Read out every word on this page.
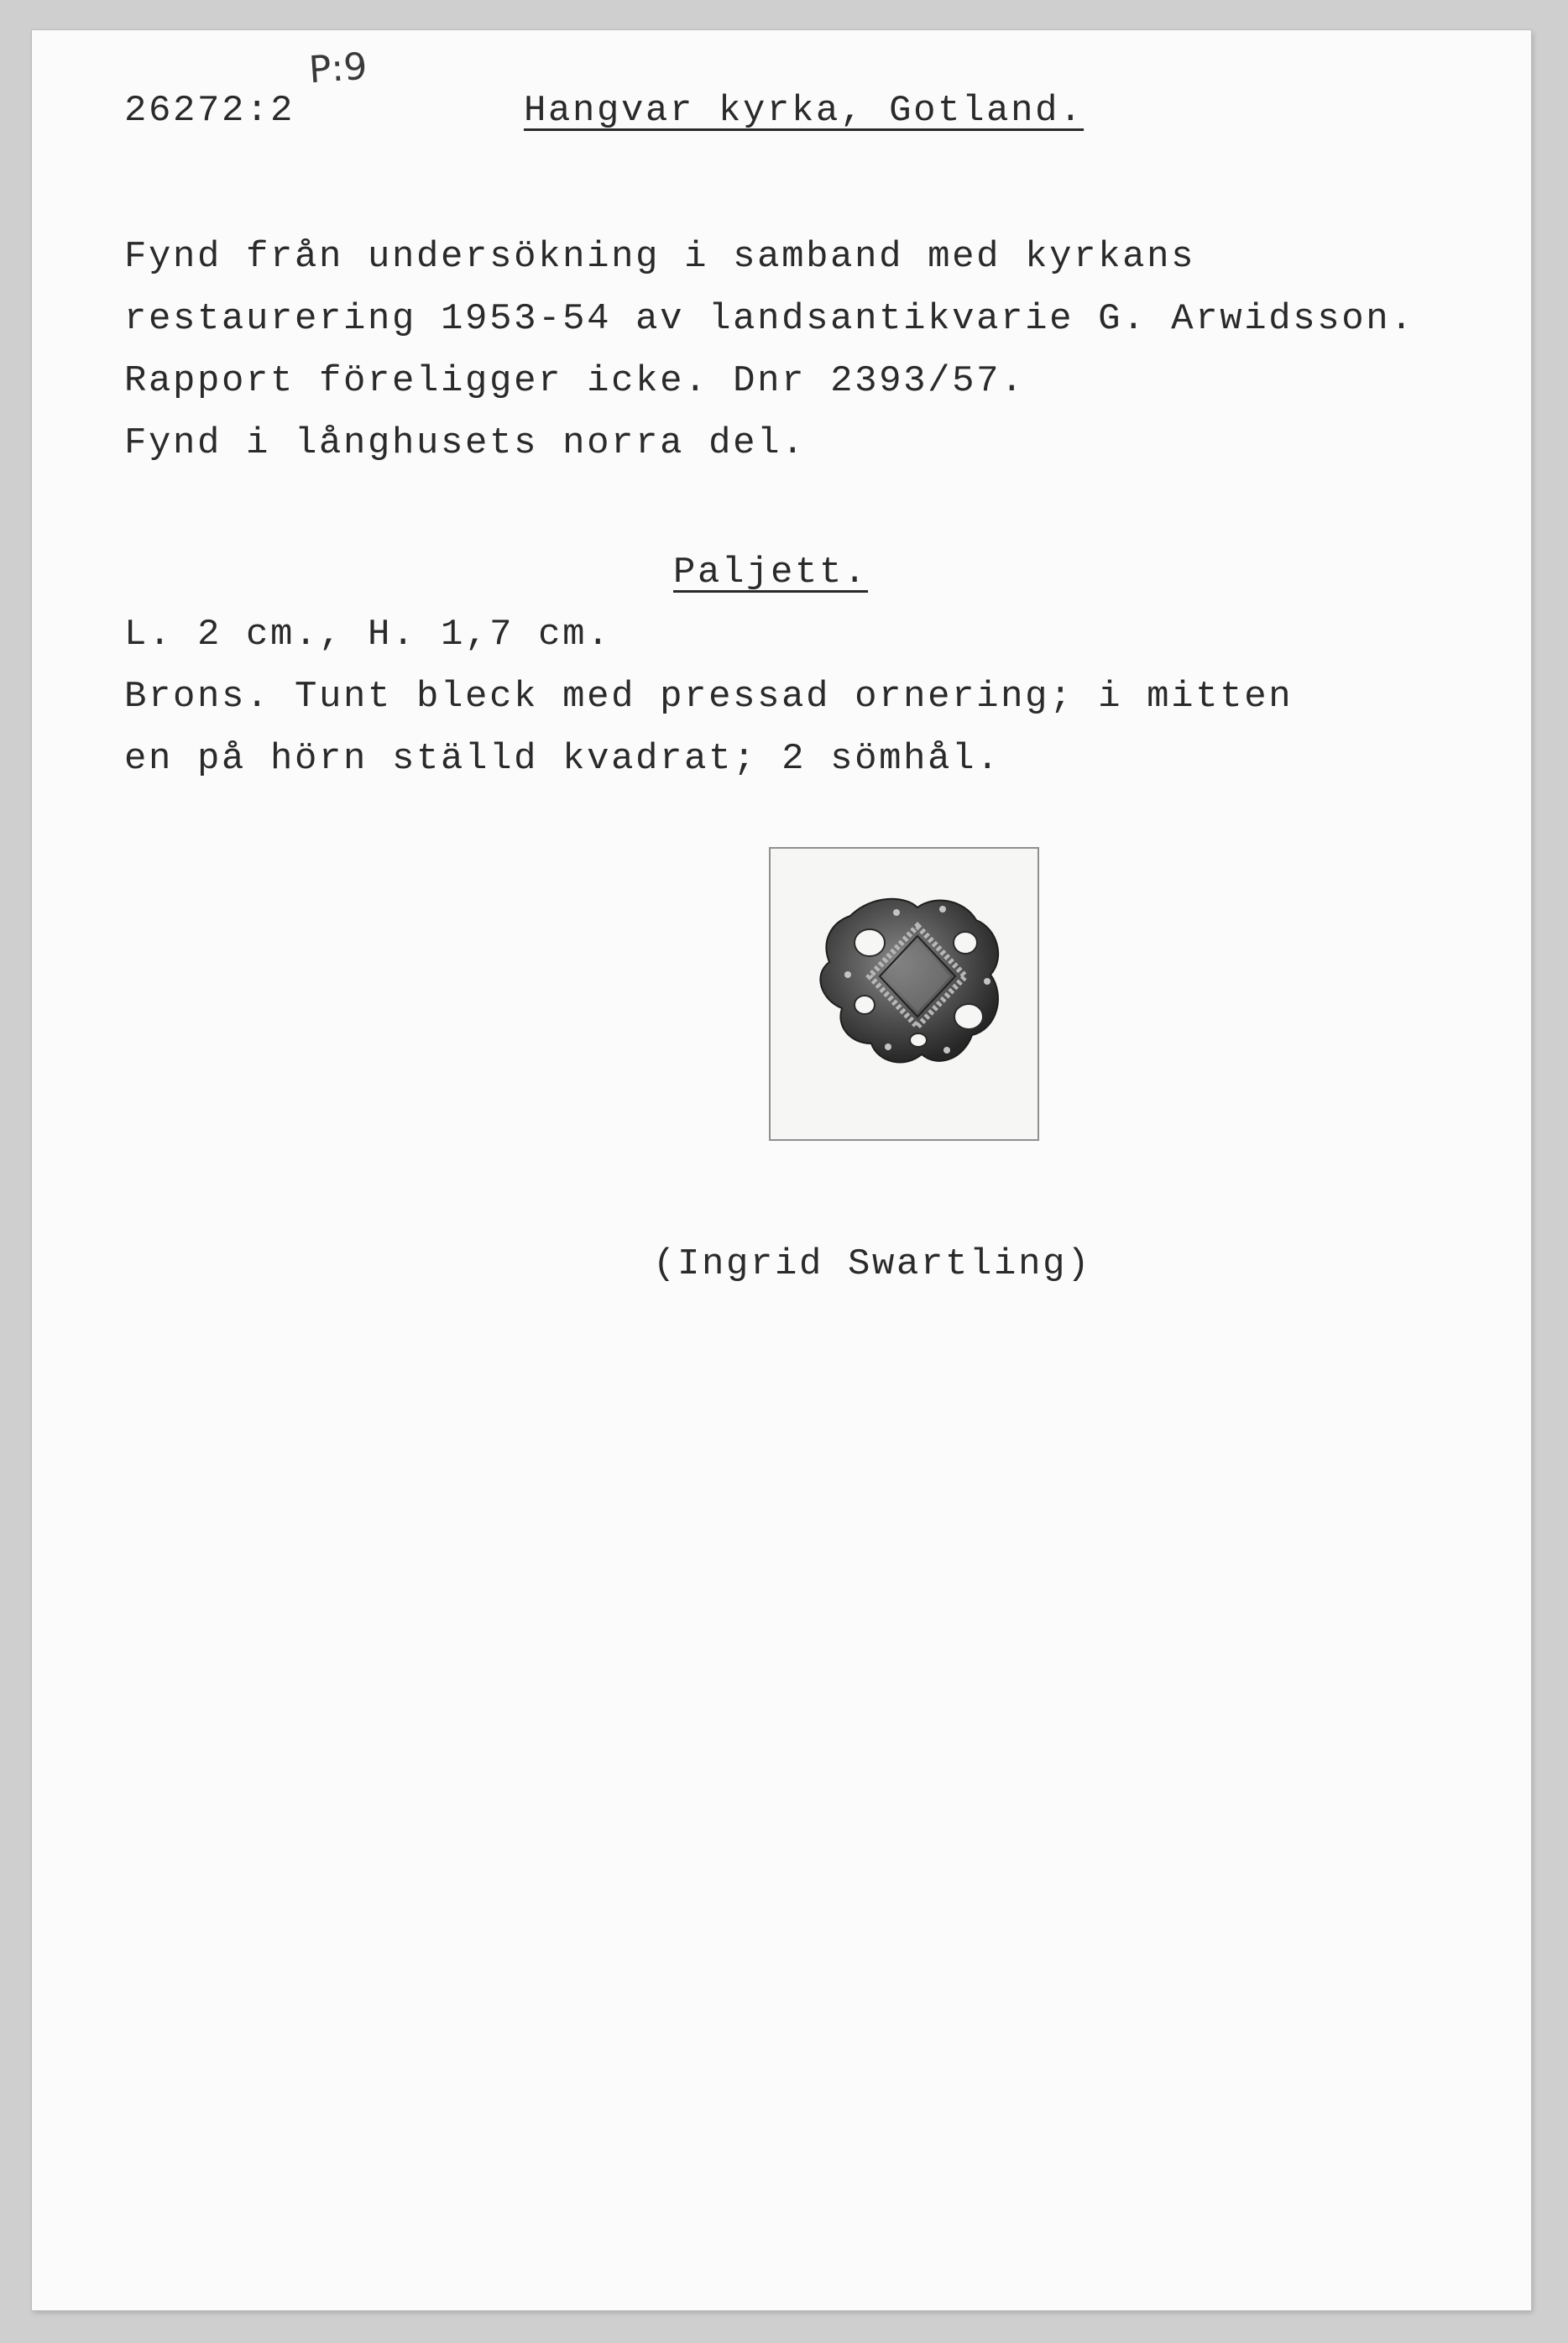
26272:2
P:9
Hangvar kyrka, Gotland.
Fynd från undersökning i samband med kyrkans
restaurering 1953-54 av landsantikvarie G. Arwidsson.
Rapport föreligger icke. Dnr 2393/57.
Fynd i långhusets norra del.
Paljett.
L. 2 cm., H. 1,7 cm.
Brons. Tunt bleck med pressad ornering; i mitten
en på hörn ställd kvadrat; 2 sömhål.
(Ingrid Swartling)
